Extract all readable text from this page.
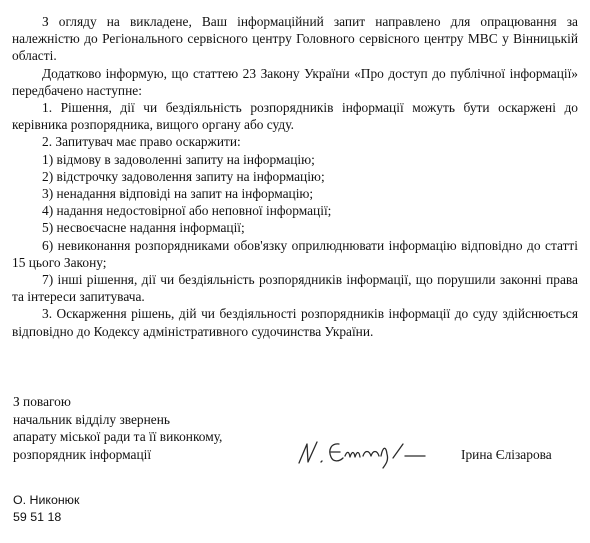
З огляду на викладене, Ваш інформаційний запит направлено для опрацювання за належністю до Регіонального сервісного центру Головного сервісного центру МВС у Вінницькій області.

Додатково інформую, що статтею 23 Закону України «Про доступ до публічної інформації» передбачено наступне:

1. Рішення, дії чи бездіяльність розпорядників інформації можуть бути оскаржені до керівника розпорядника, вищого органу або суду.

2. Запитувач має право оскаржити:

1) відмову в задоволенні запиту на інформацію;

2) відстрочку задоволення запиту на інформацію;

3) ненадання відповіді на запит на інформацію;

4) надання недостовірної або неповної інформації;

5) несвоєчасне надання інформації;

6) невиконання розпорядниками обов'язку оприлюднювати інформацію відповідно до статті 15 цього Закону;

7) інші рішення, дії чи бездіяльність розпорядників інформації, що порушили законні права та інтереси запитувача.

3. Оскарження рішень, дій чи бездіяльності розпорядників інформації до суду здійснюється відповідно до Кодексу адміністративного судочинства України.

З повагою
начальник відділу звернень
апарату міської ради та її виконкому,
розпорядник інформації	Ірина Єлізарова
О. Никонюк
59 51 18
